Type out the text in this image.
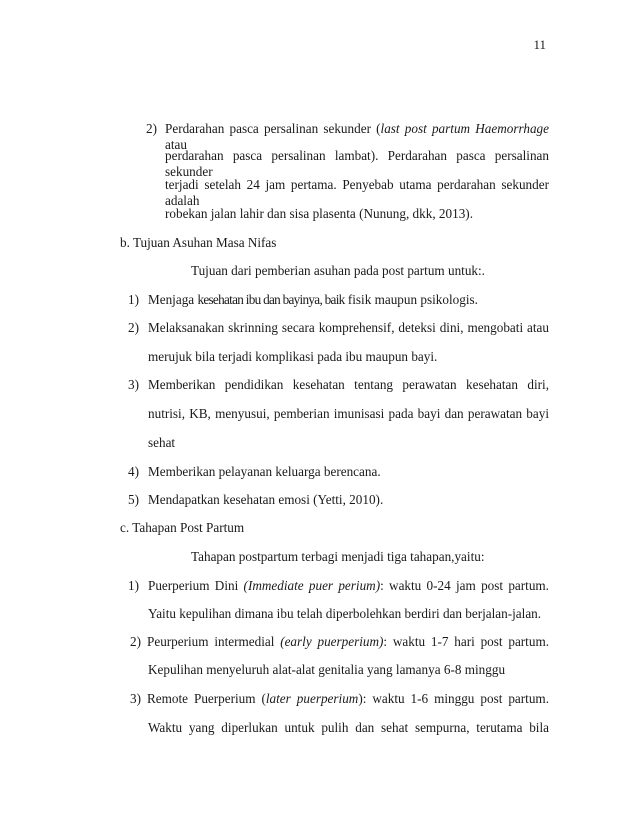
11
2) Perdarahan pasca persalinan sekunder (last post partum Haemorrhage atau
perdarahan pasca persalinan lambat). Perdarahan pasca persalinan sekunder
terjadi setelah 24 jam pertama. Penyebab utama perdarahan sekunder adalah
robekan jalan lahir dan sisa plasenta (Nunung, dkk, 2013).
b. Tujuan Asuhan Masa Nifas
Tujuan dari pemberian asuhan pada post partum untuk:.
1) Menjaga kesehatan ibu dan bayinya, baik fisik maupun psikologis.
2) Melaksanakan skrinning secara komprehensif, deteksi dini, mengobati atau
merujuk bila terjadi komplikasi pada ibu maupun bayi.
3) Memberikan pendidikan kesehatan tentang perawatan kesehatan diri,
nutrisi, KB, menyusui, pemberian imunisasi pada bayi dan perawatan bayi
sehat
4) Memberikan pelayanan keluarga berencana.
5) Mendapatkan kesehatan emosi (Yetti, 2010).
c. Tahapan Post Partum
Tahapan postpartum terbagi menjadi tiga tahapan,yaitu:
1) Puerperium Dini (Immediate puer perium): waktu 0-24 jam post partum.
Yaitu kepulihan dimana ibu telah diperbolehkan berdiri dan berjalan-jalan.
2) Peurperium intermedial (early puerperium): waktu 1-7 hari post partum.
Kepulihan menyeluruh alat-alat genitalia yang lamanya 6-8 minggu
3) Remote Puerperium (later puerperium): waktu 1-6 minggu post partum.
Waktu yang diperlukan untuk pulih dan sehat sempurna, terutama bila
